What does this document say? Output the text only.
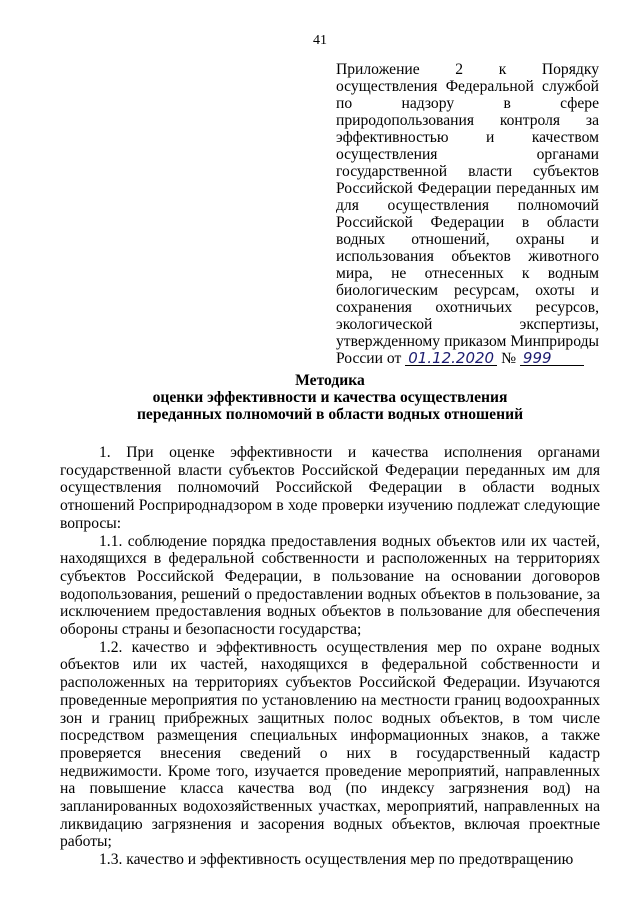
41
Приложение 2 к Порядку осуществления Федеральной службой по надзору в сфере природопользования контроля за эффективностью и качеством осуществления органами государственной власти субъектов Российской Федерации переданных им для осуществления полномочий Российской Федерации в области водных отношений, охраны и использования объектов животного мира, не отнесенных к водным биологическим ресурсам, охоты и сохранения охотничьих ресурсов, экологической экспертизы, утвержденному приказом Минприроды
России от 01.12.2020 № 999
Методика
оценки эффективности и качества осуществления переданных полномочий в области водных отношений

1. При оценке эффективности и качества исполнения органами государственной власти субъектов Российской Федерации переданных им для осуществления полномочий Российской Федерации в области водных отношений Росприроднадзором в ходе проверки изучению подлежат следующие вопросы:

1.1. соблюдение порядка предоставления водных объектов или их частей, находящихся в федеральной собственности и расположенных на территориях субъектов Российской Федерации, в пользование на основании договоров водопользования, решений о предоставлении водных объектов в пользование, за исключением предоставления водных объектов в пользование для обеспечения обороны страны и безопасности государства;

1.2. качество и эффективность осуществления мер по охране водных объектов или их частей, находящихся в федеральной собственности и расположенных на территориях субъектов Российской Федерации. Изучаются проведенные мероприятия по установлению на местности границ водоохранных зон и границ прибрежных защитных полос водных объектов, в том числе посредством размещения специальных информационных знаков, а также проверяется внесения сведений о них в государственный кадастр недвижимости. Кроме того, изучается проведение мероприятий, направленных на повышение класса качества вод (по индексу загрязнения вод) на запланированных водохозяйственных участках, мероприятий, направленных на ликвидацию загрязнения и засорения водных объектов, включая проектные работы;

1.3. качество и эффективность осуществления мер по предотвращению
